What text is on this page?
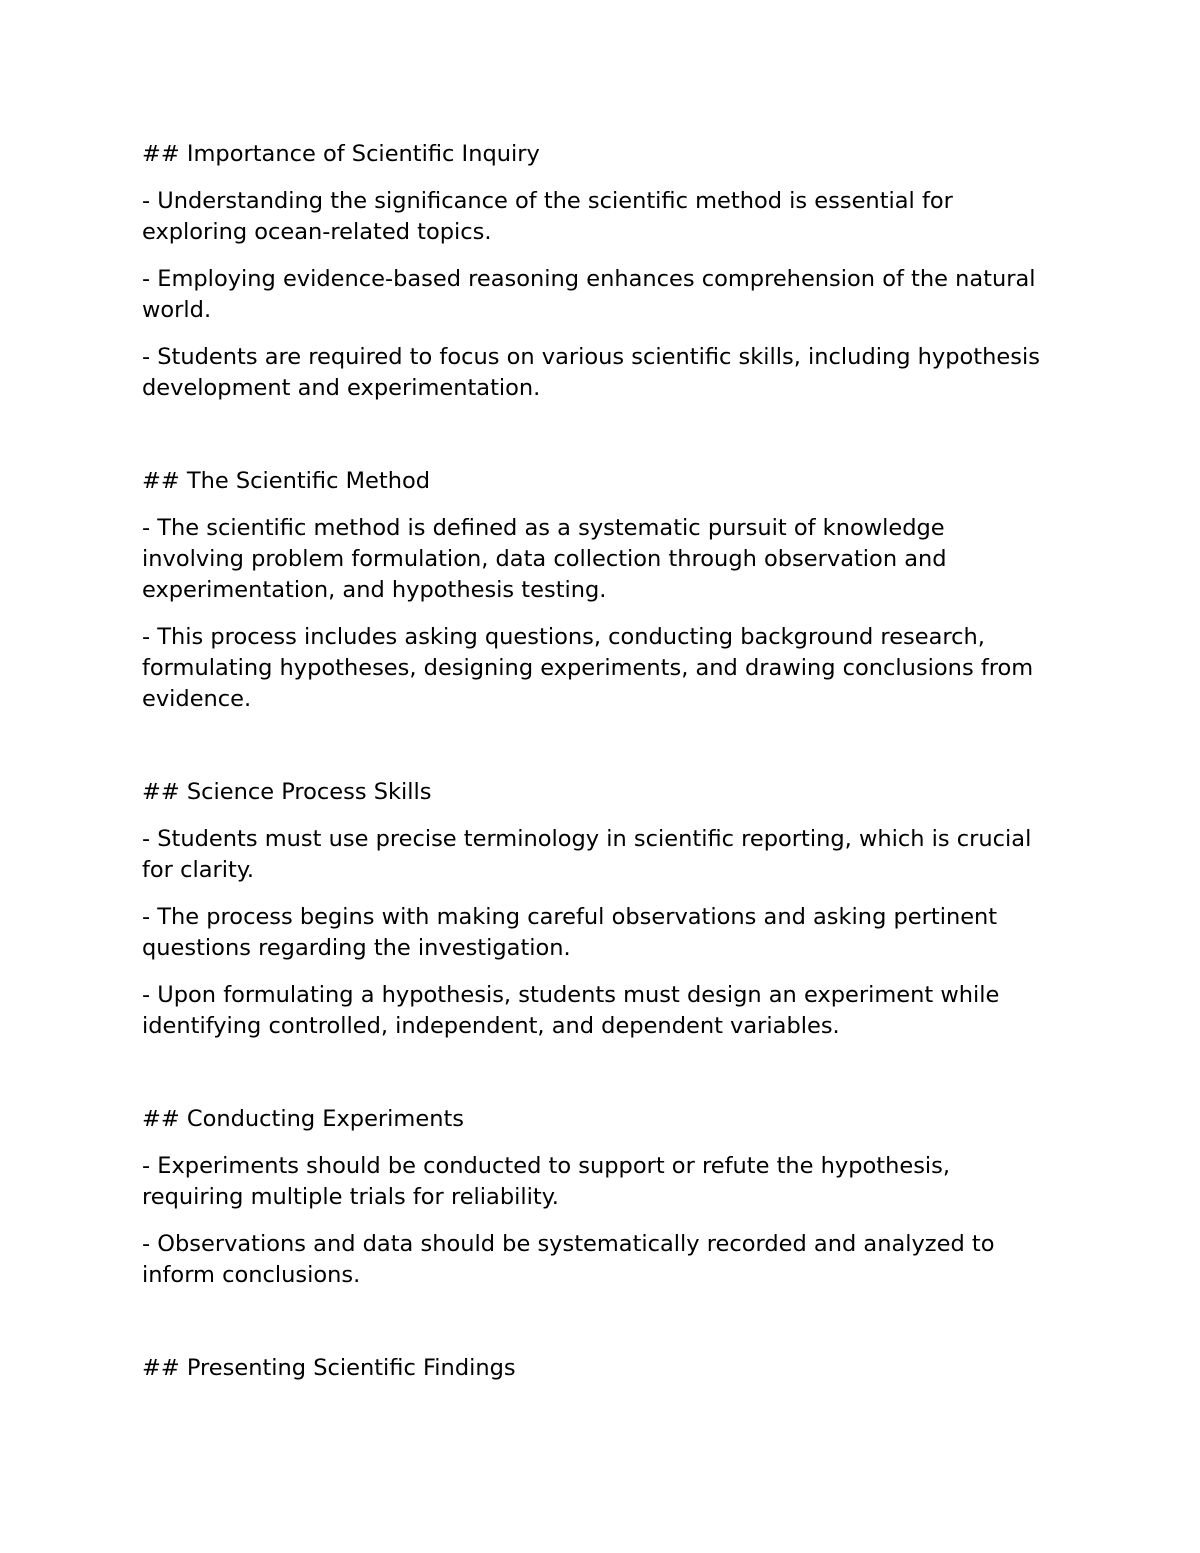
## Importance of Scientific Inquiry

- Understanding the significance of the scientific method is essential for exploring ocean-related topics.

- Employing evidence-based reasoning enhances comprehension of the natural world.

- Students are required to focus on various scientific skills, including hypothesis development and experimentation.

## The Scientific Method

- The scientific method is defined as a systematic pursuit of knowledge involving problem formulation, data collection through observation and experimentation, and hypothesis testing.

- This process includes asking questions, conducting background research, formulating hypotheses, designing experiments, and drawing conclusions from evidence.

## Science Process Skills

- Students must use precise terminology in scientific reporting, which is crucial for clarity.

- The process begins with making careful observations and asking pertinent questions regarding the investigation.

- Upon formulating a hypothesis, students must design an experiment while identifying controlled, independent, and dependent variables.

## Conducting Experiments

- Experiments should be conducted to support or refute the hypothesis, requiring multiple trials for reliability.

- Observations and data should be systematically recorded and analyzed to inform conclusions.

## Presenting Scientific Findings
